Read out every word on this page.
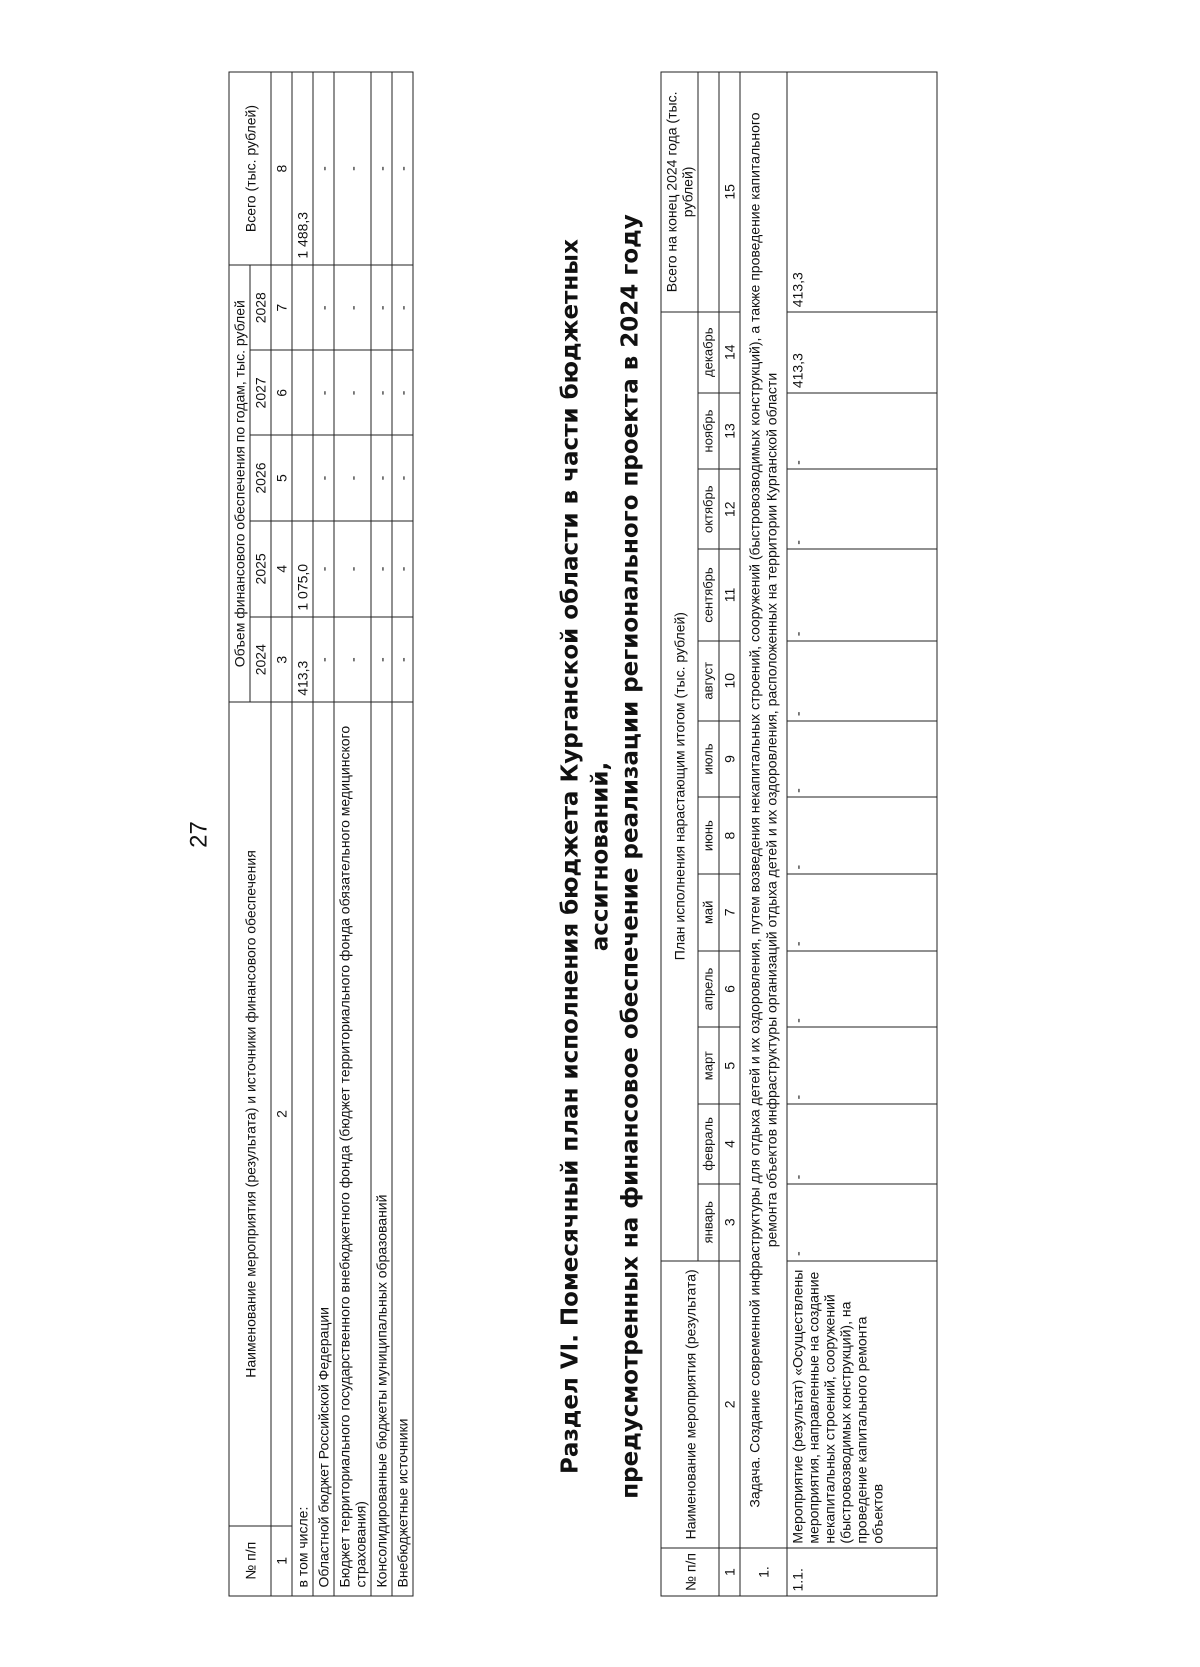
27
№ п/п	Наименование мероприятия (результата) и источники финансового обеспечения	Объем финансового обеспечения по годам, тыс. рублей					Всего (тыс. рублей)
		2024	2025	2026	2027	2028	
1	2	3	4	5	6	7	8
в том числе:		413,3	1 075,0				1 488,3
Областной бюджет Российской Федерации		-	-	-	-	-	-
Бюджет территориального государственного внебюджетного фонда (бюджет территориального фонда обязательного медицинского страхования)		-	-	-	-	-	-
Консолидированные бюджеты муниципальных образований		-	-	-	-	-	-
Внебюджетные источники		-	-	-	-	-	-
Раздел VI. Помесячный план исполнения бюджета Курганской области в части бюджетных ассигнований, предусмотренных на финансовое обеспечение реализации регионального проекта в 2024 году
№ п/п	Наименование мероприятия (результата)	План исполнения нарастающим итогом (тыс. рублей)												Всего на конец 2024 года (тыс. рублей)
		январь	февраль	март	апрель	май	июнь	июль	август	сентябрь	октябрь	ноябрь	декабрь	
1	2	3	4	5	6	7	8	9	10	11	12	13	14	15
1.	Задача. Создание современной инфраструктуры для отдыха детей и их оздоровления, путем возведения некапитальных строений, сооружений (быстровозводимых конструкций), а также проведение капитального ремонта объектов инфраструктуры организаций отдыха детей и их оздоровления, расположенных на территории Курганской области													
1.1.	Мероприятие (результат) «Осуществлены мероприятия, направленные на создание некапитальных строений, сооружений (быстровозводимых конструкций), на проведение капитального ремонта объектов	-	-	-	-	-	-	-	-	-	-	-	413,3	413,3
